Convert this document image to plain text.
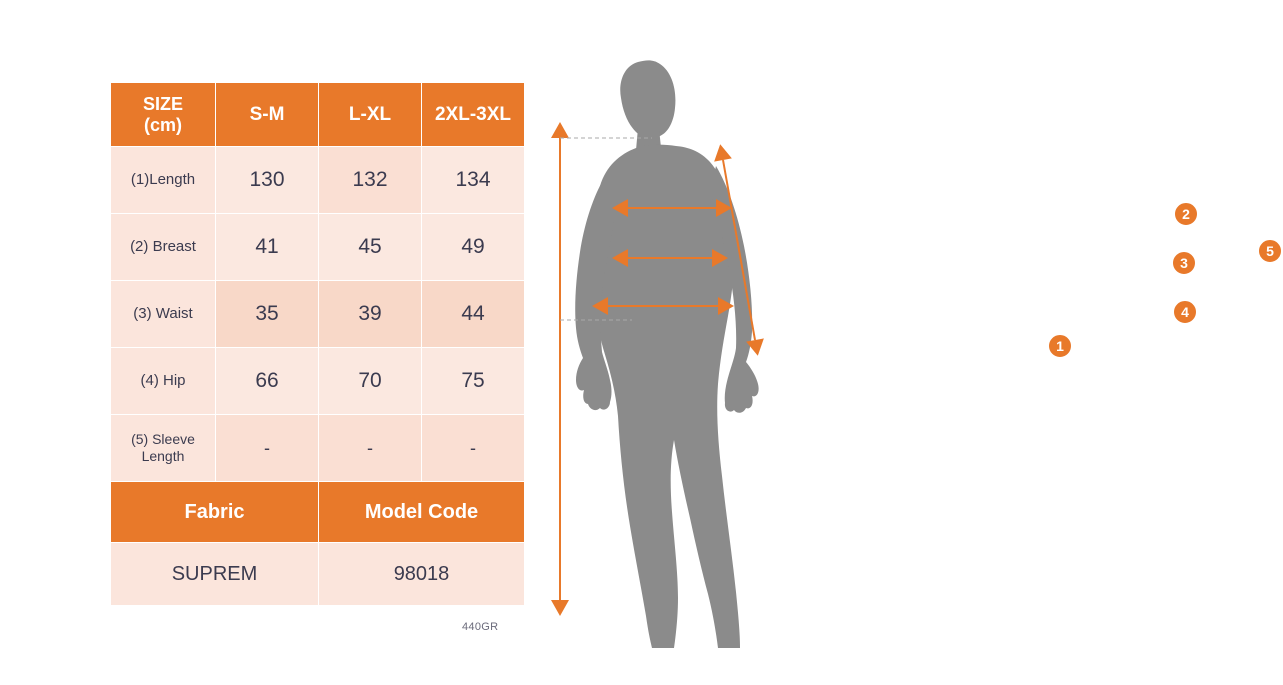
SIZE
(cm)	S-M	L-XL	2XL-3XL
(1)Length	130	132	134
(2) Breast	41	45	49
(3) Waist	35	39	44
(4) Hip	66	70	75
(5) Sleeve Length	-	-	-
Fabric		Model Code	
SUPREM		98018	
440GR
1
2
3
4
5
